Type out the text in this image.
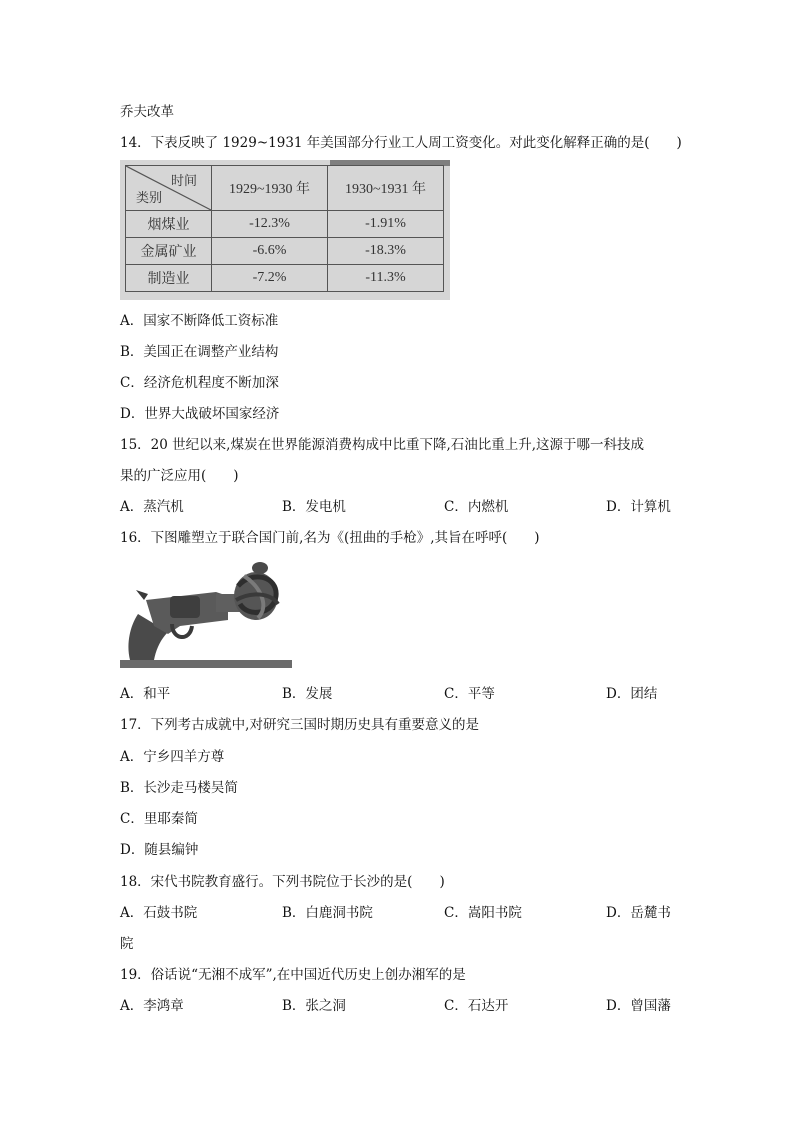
乔夫改革
14．下表反映了 1929~1931 年美国部分行业工人周工资变化。对此变化解释正确的是(　　)
时间
类别	1929~1930 年	1930~1931 年
烟煤业	-12.3%	-1.91%
金属矿业	-6.6%	-18.3%
制造业	-7.2%	-11.3%
A．国家不断降低工资标准
B．美国正在调整产业结构
C．经济危机程度不断加深
D．世界大战破坏国家经济
15．20 世纪以来,煤炭在世界能源消费构成中比重下降,石油比重上升,这源于哪一科技成
果的广泛应用(　　)
A．蒸汽机	B．发电机	C．内燃机	D．计算机
16．下图雕塑立于联合国门前,名为《(扭曲的手枪》,其旨在呼呼(　　)
A．和平	B．发展	C．平等	D．团结
17．下列考古成就中,对研究三国时期历史具有重要意义的是
A．宁乡四羊方尊
B．长沙走马楼吴简
C．里耶秦简
D．随县编钟
18．宋代书院教育盛行。下列书院位于长沙的是(　　)
A．石鼓书院	B．白鹿洞书院	C．嵩阳书院	D．岳麓书
院
19．俗话说“无湘不成军”,在中国近代历史上创办湘军的是
A．李鸿章	B．张之洞	C．石达开	D．曾国藩
